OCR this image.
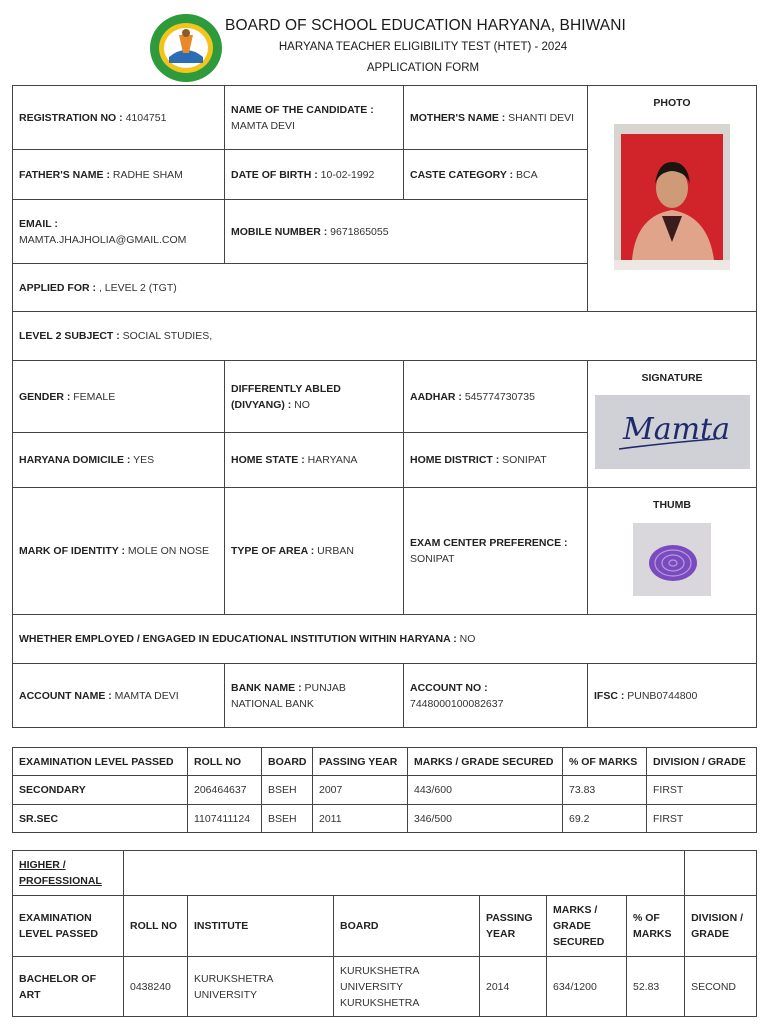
BOARD OF SCHOOL EDUCATION HARYANA, BHIWANI
HARYANA TEACHER ELIGIBILITY TEST (HTET) - 2024
APPLICATION FORM
REGISTRATION NO : 4104751	NAME OF THE CANDIDATE :
MAMTA DEVI	MOTHER'S NAME : SHANTI DEVI	PHOTO

FATHER'S NAME : RADHE SHAM	DATE OF BIRTH : 10-02-1992	CASTE CATEGORY : BCA	
EMAIL :
MAMTA.JHAJHOLIA@GMAIL.COM	MOBILE NUMBER : 9671865055		
APPLIED FOR : , LEVEL 2 (TGT)			
LEVEL 2 SUBJECT : SOCIAL STUDIES,			
GENDER : FEMALE	DIFFERENTLY ABLED (DIVYANG) : NO	AADHAR : 545774730735	SIGNATURE
Mamta

HARYANA DOMICILE : YES	HOME STATE : HARYANA	HOME DISTRICT : SONIPAT	
MARK OF IDENTITY : MOLE ON NOSE	TYPE OF AREA : URBAN	EXAM CENTER PREFERENCE :
SONIPAT	THUMB

WHETHER EMPLOYED / ENGAGED IN EDUCATIONAL INSTITUTION WITHIN HARYANA : NO			
ACCOUNT NAME : MAMTA DEVI	BANK NAME : PUNJAB NATIONAL BANK	ACCOUNT NO :
7448000100082637	IFSC : PUNB0744800
EXAMINATION LEVEL PASSED	ROLL NO	BOARD	PASSING YEAR	MARKS / GRADE SECURED	% OF MARKS	DIVISION / GRADE
SECONDARY	206464637	BSEH	2007	443/600	73.83	FIRST
SR.SEC	1107411124	BSEH	2011	346/500	69.2	FIRST
HIGHER / PROFESSIONAL							
EXAMINATION LEVEL PASSED	ROLL NO	INSTITUTE	BOARD	PASSING YEAR	MARKS / GRADE SECURED	% OF MARKS	DIVISION / GRADE
BACHELOR OF ART	0438240	KURUKSHETRA UNIVERSITY	KURUKSHETRA UNIVERSITY KURUKSHETRA	2014	634/1200	52.83	SECOND
